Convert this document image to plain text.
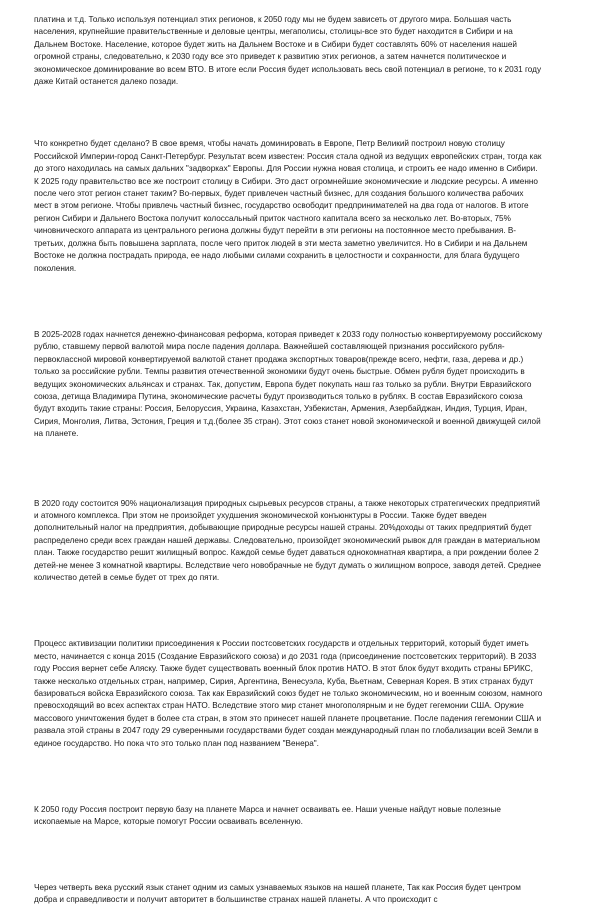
платина и т.д. Только используя потенциал этих регионов, к 2050 году мы не будем зависеть от другого мира. Большая часть населения, крупнейшие правительственные и деловые центры, мегаполисы, столицы-все это будет находится в Сибири и на Дальнем Востоке. Население, которое будет жить на Дальнем Востоке и в Сибири будет составлять 60% от населения нашей огромной страны, следовательно, к 2030 году все это приведет к развитию этих регионов, а затем начнется политическое и экономическое доминирование во всем ВТО. В итоге если Россия будет использовать весь свой потенциал в регионе, то к 2031 году даже Китай останется далеко позади.

Что конкретно будет сделано? В свое время, чтобы начать доминировать в Европе, Петр Великий построил новую столицу Российской Империи-город Санкт-Петербург. Результат всем известен: Россия стала одной из ведущих европейских стран, тогда как до этого находилась на самых дальних "задворках" Европы. Для России нужна новая столица, и строить ее надо именно в Сибири. К 2025 году правительство все же построит столицу в Сибири. Это даст огромнейшие экономические и людские ресурсы. А именно после чего этот регион станет таким? Во-первых, будет привлечен частный бизнес, для создания большого количества рабочих мест в этом регионе. Чтобы привлечь частный бизнес, государство освободит предпринимателей на два года от налогов. В итоге регион Сибири и Дальнего Востока получит колоссальный приток частного капитала всего за несколько лет. Во-вторых, 75% чиновнического аппарата из центрального региона должны будут перейти в эти регионы на постоянное место пребывания. В-третьих, должна быть повышена зарплата, после чего приток людей в эти места заметно увеличится. Но в Сибири и на Дальнем Востоке не должна пострадать природа, ее надо любыми силами сохранить в целостности и сохранности, для блага будущего поколения.

В 2025-2028 годах начнется денежно-финансовая реформа, которая приведет к 2033 году полностью конвертируемому российскому рублю, ставшему первой валютой мира после падения доллара. Важнейшей составляющей признания российского рубля-первоклассной мировой конвертируемой валютой станет продажа экспортных товаров(прежде всего, нефти, газа, дерева и др.) только за российские рубли. Темпы развития отечественной экономики будут очень быстрые. Обмен рубля будет происходить в ведущих экономических альянсах и странах. Так, допустим, Европа будет покупать наш газ только за рубли. Внутри Евразийского союза, детища Владимира Путина, экономические расчеты будут производиться только в рублях. В состав Евразийского союза будут входить такие страны: Россия, Белоруссия, Украина, Казахстан, Узбекистан, Армения, Азербайджан, Индия, Турция, Иран, Сирия, Монголия, Литва, Эстония, Греция и т.д.(более 35 стран). Этот союз станет новой экономической и военной движущей силой на планете.

В 2020 году состоится 90% национализация природных сырьевых ресурсов страны, а также некоторых стратегических предприятий и атомного комплекса. При этом не произойдет ухудшения экономической конъюнктуры в России. Также будет введен дополнительный налог на предприятия, добывающие природные ресурсы нашей страны. 20%доходы от таких предприятий будет распределено среди всех граждан нашей державы. Следовательно, произойдет экономический рывок для граждан в материальном план. Также государство решит жилищный вопрос. Каждой семье будет даваться однокомнатная квартира, а при рождении более 2 детей-не менее 3 комнатной квартиры. Вследствие чего новобрачные не будут думать о жилищном вопросе, заводя детей. Среднее количество детей в семье будет от трех до пяти.

Процесс активизации политики присоединения к России постсоветских государств и отдельных территорий, который будет иметь место, начинается с конца 2015 (Создание Евразийского союза) и до 2031 года (присоединение постсоветских территорий). В 2033 году Россия вернет себе Аляску. Также будет существовать военный блок против НАТО. В этот блок будут входить страны БРИКС, также несколько отдельных стран, например, Сирия, Аргентина, Венесуэла, Куба, Вьетнам, Северная Корея. В этих странах будут базироваться войска Евразийского союза. Так как Евразийский союз будет не только экономическим, но и военным союзом, намного превосходящий во всех аспектах стран НАТО. Вследствие этого мир станет многополярным и не будет гегемонии США. Оружие массового уничтожения будет в более ста стран, в этом это принесет нашей планете процветание. После падения гегемонии США и развала этой страны в 2047 году 29 суверенными государствами будет создан международный план по глобализации всей Земли в единое государство. Но пока что это только план под названием "Венера".

К 2050 году Россия построит первую базу на планете Марса и начнет осваивать ее. Наши ученые найдут новые полезные ископаемые на Марсе, которые помогут России осваивать вселенную.

Через четверть века русский язык станет одним из самых узнаваемых языков на нашей планете, Так как Россия будет центром добра и справедливости и получит авторитет в большинстве странах нашей планеты. А что происходит с
